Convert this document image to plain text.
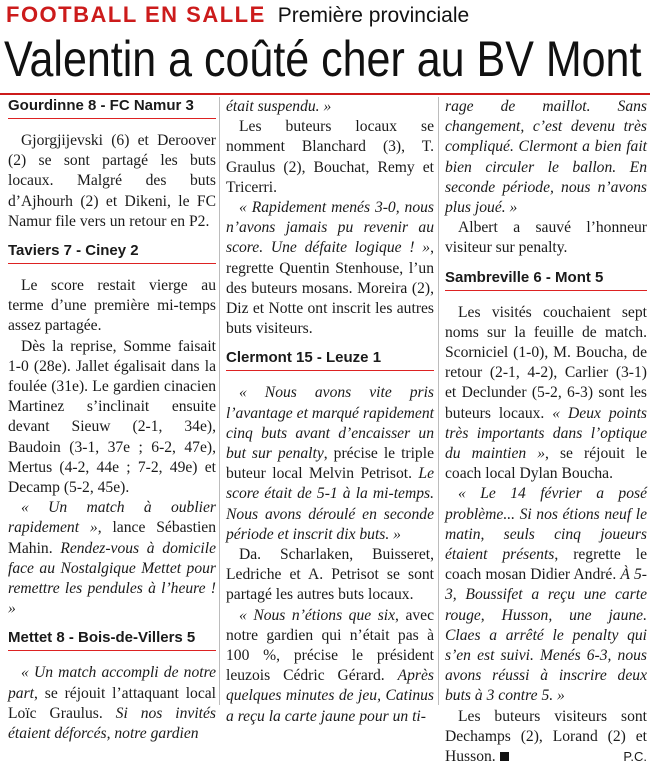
FOOTBALL EN SALLE Première provinciale
Valentin a coûté cher au BV Mont
Gourdinne 8 - FC Namur 3

Gjorgjijevski (6) et Deroover (2) se sont partagé les buts locaux. Malgré des buts d’Ajhourh (2) et Dikeni, le FC Namur file vers un retour en P2.

Taviers 7 - Ciney 2

Le score restait vierge au terme d’une première mi-temps assez partagée.

Dès la reprise, Somme faisait 1-0 (28e). Jallet égalisait dans la foulée (31e). Le gardien cinacien Martinez s’inclinait ensuite devant Sieuw (2-1, 34e), Baudoin (3-1, 37e ; 6-2, 47e), Mertus (4-2, 44e ; 7-2, 49e) et Decamp (5-2, 45e).

« Un match à oublier rapidement », lance Sébastien Mahin. Rendez-vous à domicile face au Nostalgique Mettet pour remettre les pendules à l’heure ! »

Mettet 8 - Bois-de-Villers 5

« Un match accompli de notre part, se réjouit l’attaquant local Loïc Graulus. Si nos invités étaient déforcés, notre gardien

était suspendu. »

Les buteurs locaux se nomment Blanchard (3), T. Graulus (2), Bouchat, Remy et Tricerri.

« Rapidement menés 3-0, nous n’avons jamais pu revenir au score. Une défaite logique ! », regrette Quentin Stenhouse, l’un des buteurs mosans. Moreira (2), Diz et Notte ont inscrit les autres buts visiteurs.

Clermont 15 - Leuze 1

« Nous avons vite pris l’avantage et marqué rapidement cinq buts avant d’encaisser un but sur penalty, précise le triple buteur local Melvin Petrisot. Le score était de 5-1 à la mi-temps. Nous avons déroulé en seconde période et inscrit dix buts. »

Da. Scharlaken, Buisseret, Ledriche et A. Petrisot se sont partagé les autres buts locaux.

« Nous n’étions que six, avec notre gardien qui n’était pas à 100 %, précise le président leuzois Cédric Gérard. Après quelques minutes de jeu, Catinus a reçu la carte jaune pour un ti-

rage de maillot. Sans changement, c’est devenu très compliqué. Clermont a bien fait bien circuler le ballon. En seconde période, nous n’avons plus joué. »

Albert a sauvé l’honneur visiteur sur penalty.

Sambreville 6 - Mont 5

Les visités couchaient sept noms sur la feuille de match. Scorniciel (1-0), M. Boucha, de retour (2-1, 4-2), Carlier (3-1) et Declunder (5-2, 6-3) sont les buteurs locaux. « Deux points très importants dans l’optique du maintien », se réjouit le coach local Dylan Boucha.

« Le 14 février a posé problème... Si nos étions neuf le matin, seuls cinq joueurs étaient présents, regrette le coach mosan Didier André. À 5-3, Boussifet a reçu une carte rouge, Husson, une jaune. Claes a arrêté le penalty qui s’en est suivi. Menés 6-3, nous avons réussi à inscrire deux buts à 3 contre 5. »

Les buteurs visiteurs sont Dechamps (2), Lorand (2) et Husson.	P.C.
